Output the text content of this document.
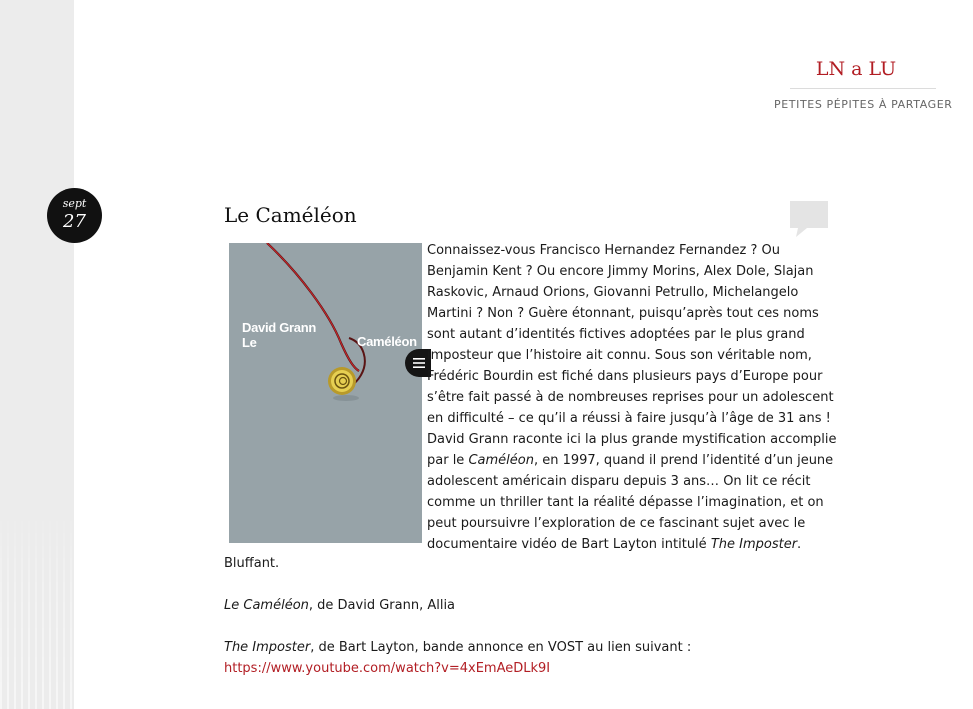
LN a LU
PETITES PÉPITES À PARTAGER
sept
27	Le Caméléon
David Grann
Le	Caméléon
Connaissez-vous Francisco Hernandez Fernandez ? Ou
Benjamin Kent ? Ou encore Jimmy Morins, Alex Dole, Slajan
Raskovic, Arnaud Orions, Giovanni Petrullo, Michelangelo
Martini ? Non ? Guère étonnant, puisqu’après tout ces noms
sont autant d’identités fictives adoptées par le plus grand
imposteur que l’histoire ait connu. Sous son véritable nom,
Frédéric Bourdin est fiché dans plusieurs pays d’Europe pour
s’être fait passé à de nombreuses reprises pour un adolescent
en difficulté – ce qu’il a réussi à faire jusqu’à l’âge de 31 ans !
David Grann raconte ici la plus grande mystification accomplie
par le Caméléon, en 1997, quand il prend l’identité d’un jeune
adolescent américain disparu depuis 3 ans… On lit ce récit
comme un thriller tant la réalité dépasse l’imagination, et on
peut poursuivre l’exploration de ce fascinant sujet avec le
documentaire vidéo de Bart Layton intitulé The Imposter.
Bluffant.
Le Caméléon, de David Grann, Allia
The Imposter, de Bart Layton, bande annonce en VOST au lien suivant :
https://www.youtube.com/watch?v=4xEmAeDLk9I
